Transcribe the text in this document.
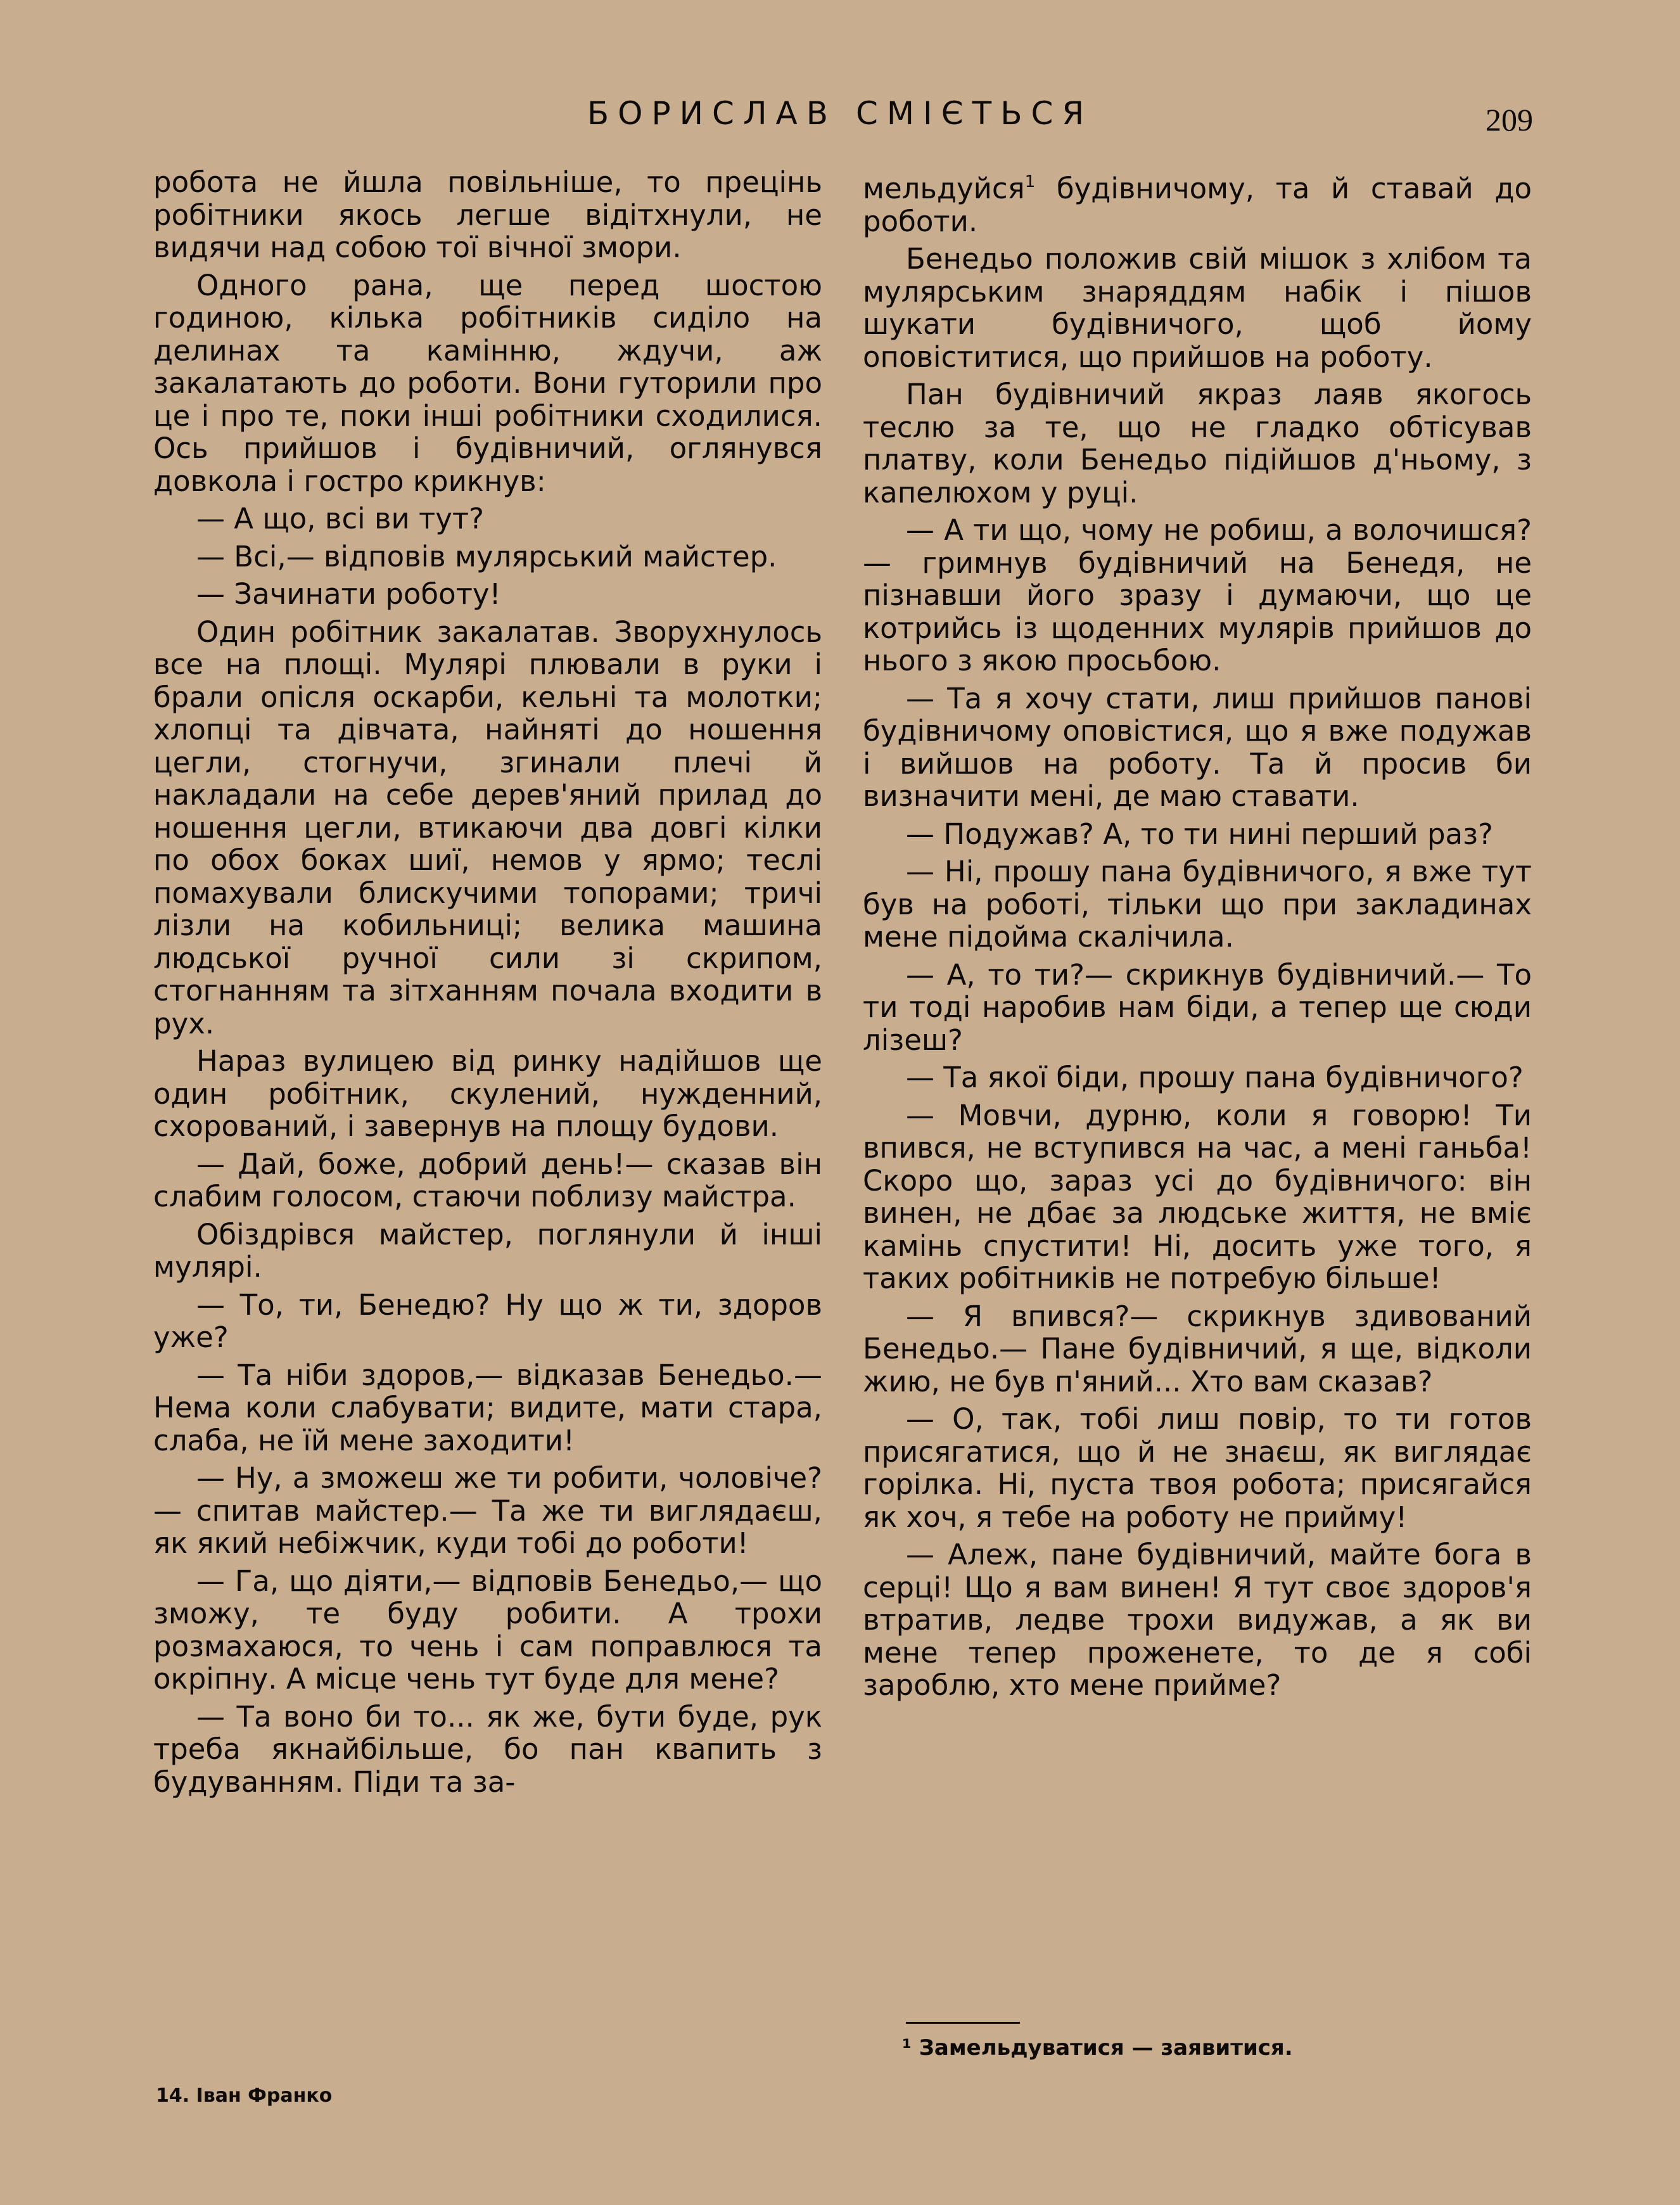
БОРИСЛАВ СМІЄТЬСЯ	209

робота не йшла повільніше, то прецінь робітники якось легше відітхнули, не видячи над собою тої вічної змори.

Одного рана, ще перед шостою годиною, кілька робітників сиділо на делинах та камінню, ждучи, аж закалатають до роботи. Вони гуторили про це і про те, поки інші робітники сходилися. Ось прийшов і будівничий, оглянувся довкола і гостро крикнув:

— А що, всі ви тут?

— Всі,— відповів мулярський майстер.

— Зачинати роботу!

Один робітник закалатав. Зворухнулось все на площі. Мулярі плювали в руки і брали опісля оскарби, кельні та молотки; хлопці та дівчата, найняті до ношення цегли, стогнучи, згинали плечі й накладали на себе дерев'яний прилад до ношення цегли, втикаючи два довгі кілки по обох боках шиї, немов у ярмо; теслі помахували блискучими топорами; тричі лізли на кобильниці; велика машина людської ручної сили зі скрипом, стогнанням та зітханням почала входити в рух.

Нараз вулицею від ринку надійшов ще один робітник, скулений, нужденний, схорований, і завернув на площу будови.

— Дай, боже, добрий день!— сказав він слабим голосом, стаючи поблизу майстра.

Обіздрівся майстер, поглянули й інші мулярі.

— То, ти, Бенедю? Ну що ж ти, здоров уже?

— Та ніби здоров,— відказав Бенедьо.— Нема коли слабувати; видите, мати стара, слаба, не їй мене заходити!

— Ну, а зможеш же ти робити, чоловіче?— спитав майстер.— Та же ти виглядаєш, як який небіжчик, куди тобі до роботи!

— Га, що діяти,— відповів Бенедьо,— що зможу, те буду робити. А трохи розмахаюся, то чень і сам поправлюся та окріпну. А місце чень тут буде для мене?

— Та воно би то... як же, бути буде, рук треба якнайбільше, бо пан квапить з будуванням. Піди та за-

мельдуйся$^1$ будівничому, та й ставай до роботи.

Бенедьо положив свій мішок з хлібом та мулярським знаряддям набік і пішов шукати будівничого, щоб йому оповіститися, що прийшов на роботу.

Пан будівничий якраз лаяв якогось теслю за те, що не гладко обтісував платву, коли Бенедьо підійшов д'ньому, з капелюхом у руці.

— А ти що, чому не робиш, а волочишся?— гримнув будівничий на Бенедя, не пізнавши його зразу і думаючи, що це котрийсь із щоденних мулярів прийшов до нього з якою просьбою.

— Та я хочу стати, лиш прийшов панові будівничому оповістися, що я вже подужав і вийшов на роботу. Та й просив би визначити мені, де маю ставати.

— Подужав? А, то ти нині перший раз?

— Ні, прошу пана будівничого, я вже тут був на роботі, тільки що при закладинах мене підойма скалічила.

— А, то ти?— скрикнув будівничий.— То ти тоді наробив нам біди, а тепер ще сюди лізеш?

— Та якої біди, прошу пана будівничого?

— Мовчи, дурню, коли я говорю! Ти впився, не вступився на час, а мені ганьба! Скоро що, зараз усі до будівничого: він винен, не дбає за людське життя, не вміє камінь спустити! Ні, досить уже того, я таких робітників не потребую більше!

— Я впився?— скрикнув здивований Бенедьо.— Пане будівничий, я ще, відколи жию, не був п'яний... Хто вам сказав?

— О, так, тобі лиш повір, то ти готов присягатися, що й не знаєш, як виглядає горілка. Ні, пуста твоя робота; присягайся як хоч, я тебе на роботу не прийму!

— Алеж, пане будівничий, майте бога в серці! Що я вам винен! Я тут своє здоров'я втратив, ледве трохи видужав, а як ви мене тепер проженете, то де я собі зароблю, хто мене прийме?

¹ Замельдуватися — заявитися.
14. Іван Франко
